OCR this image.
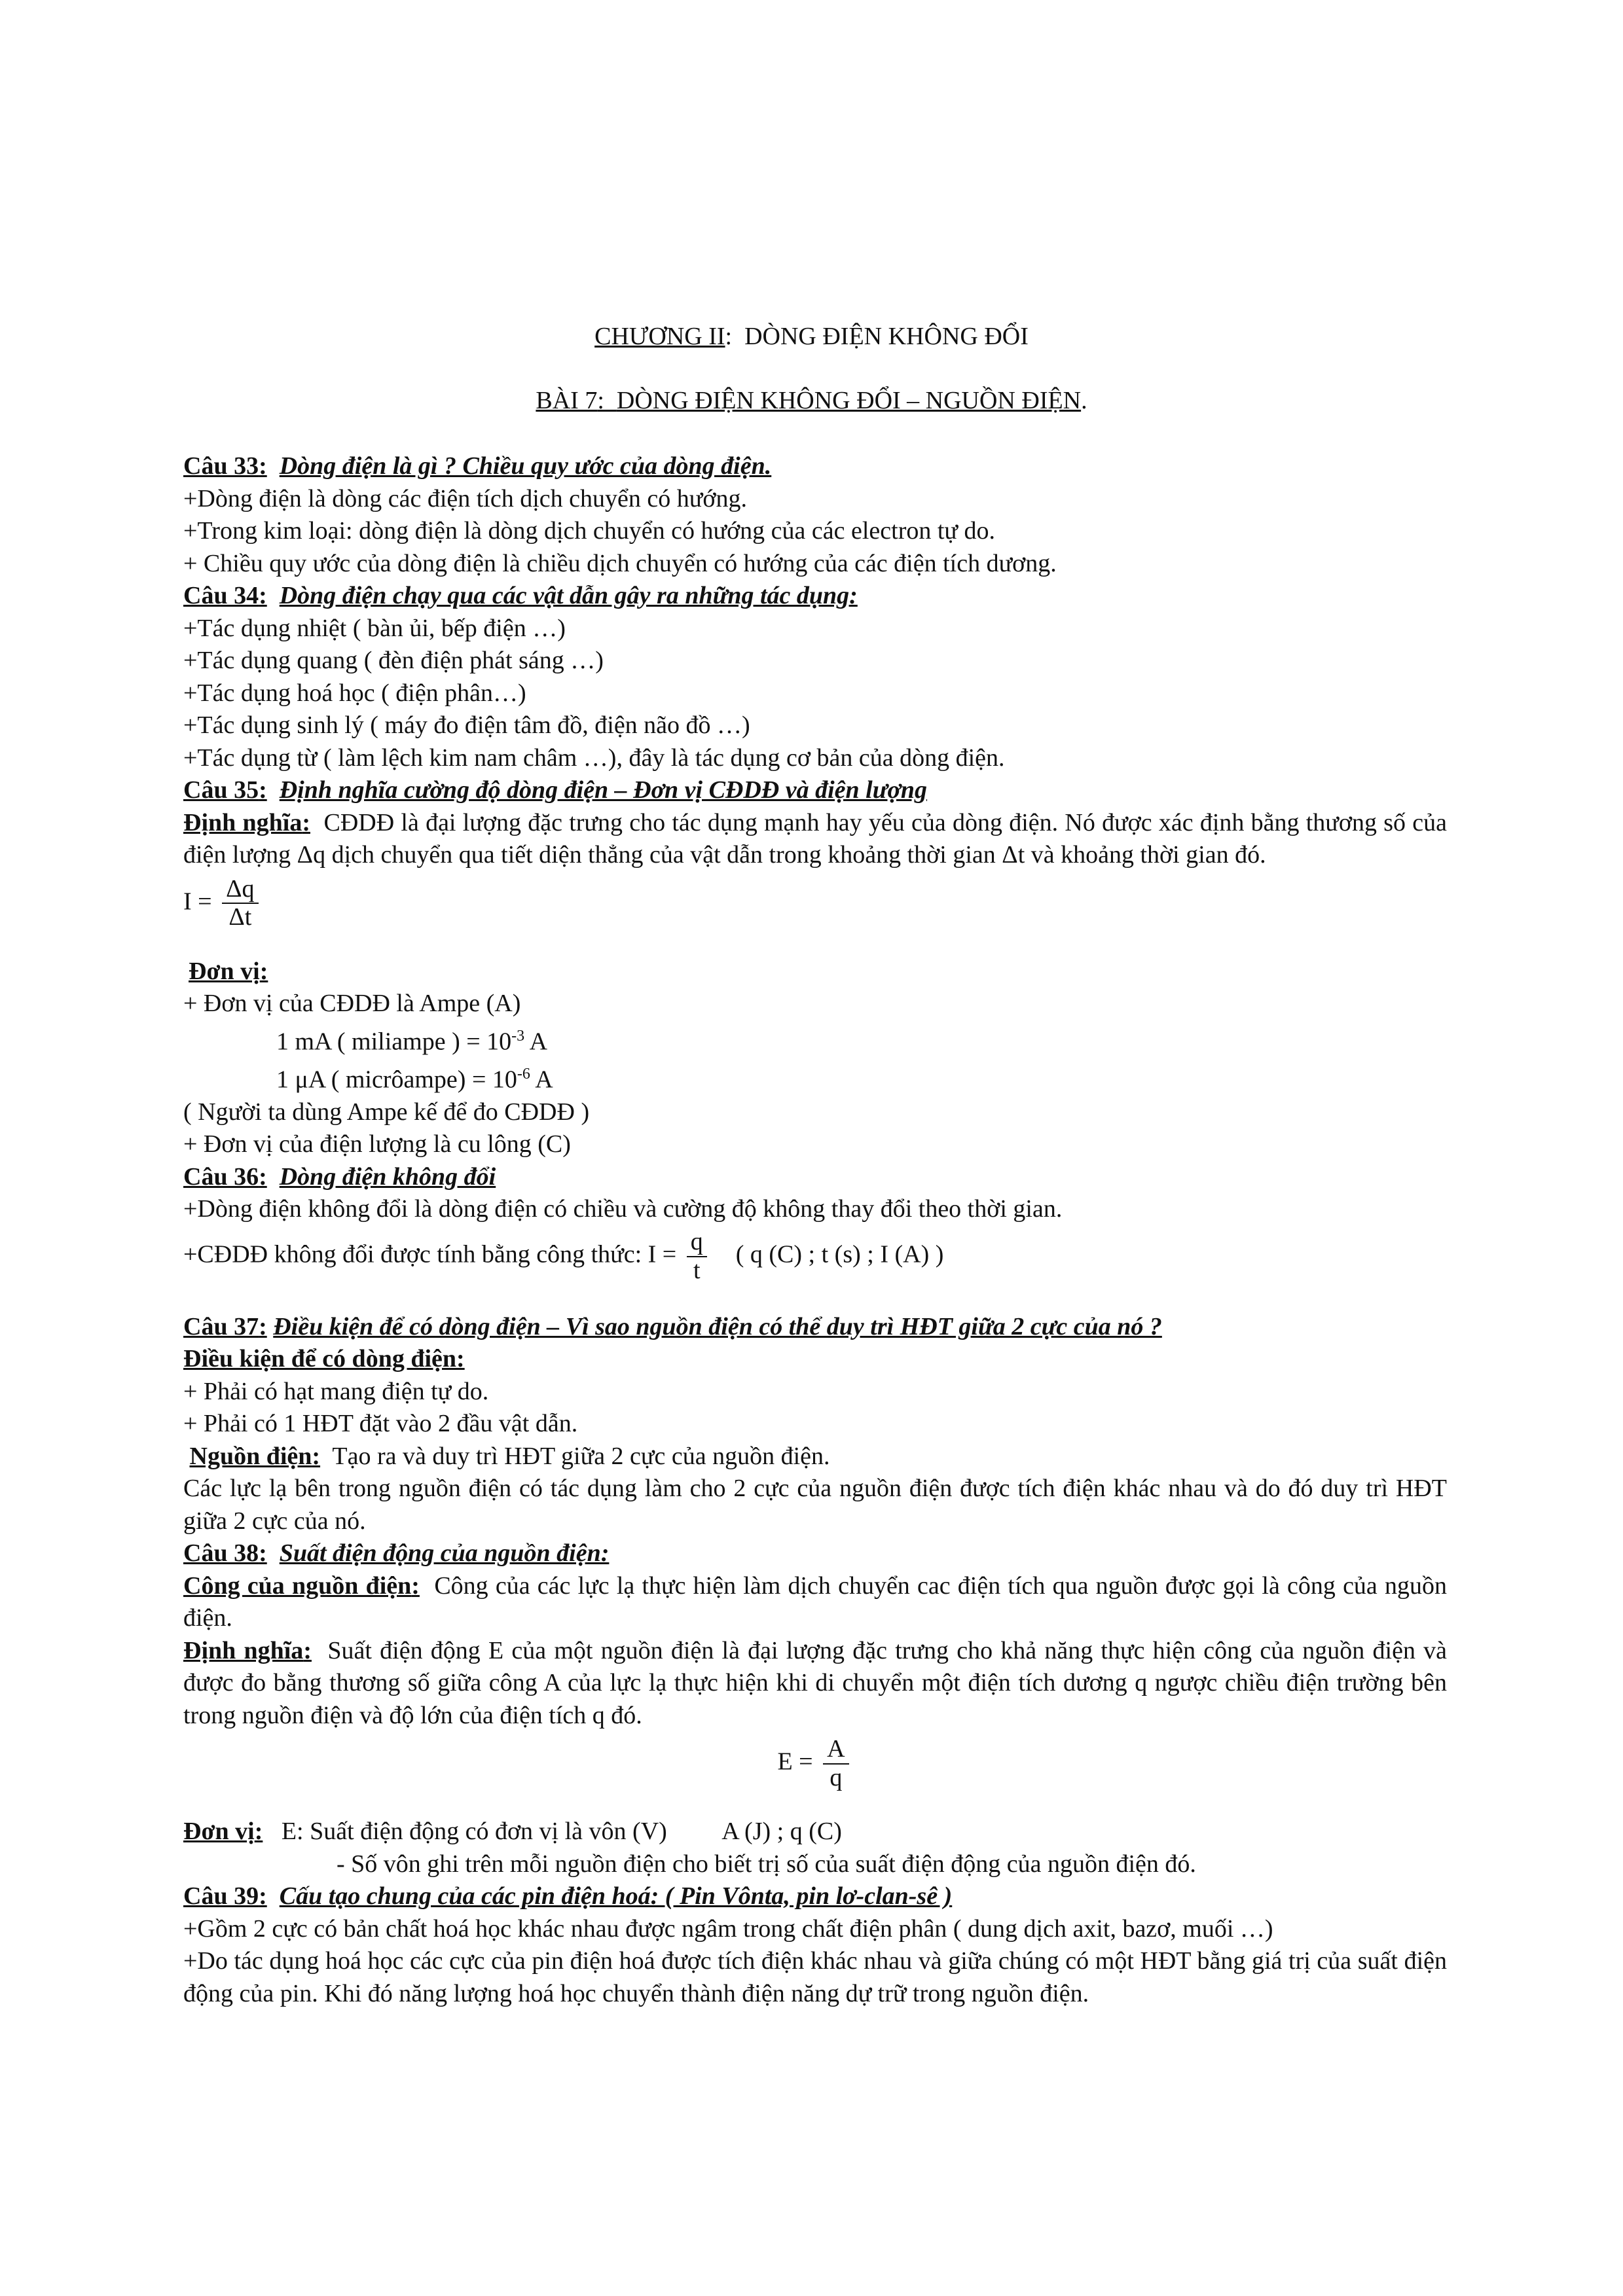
CHƯƠNG II:  DÒNG ĐIỆN KHÔNG ĐỔI
BÀI 7:  DÒNG ĐIỆN KHÔNG ĐỔI – NGUỒN ĐIỆN.
Câu 33: Dòng điện là gì ? Chiều quy ước của dòng điện.
+Dòng điện là dòng các điện tích dịch chuyển có hướng.
+Trong kim loại: dòng điện là dòng dịch chuyển có hướng của các electron tự do.
+ Chiều quy ước của dòng điện là chiều dịch chuyển có hướng của các điện tích dương.
Câu 34: Dòng điện chạy qua các vật dẫn gây ra những tác dụng:
+Tác dụng nhiệt ( bàn ủi, bếp điện …)
+Tác dụng quang ( đèn điện phát sáng …)
+Tác dụng hoá học ( điện phân…)
+Tác dụng sinh lý ( máy đo điện tâm đồ, điện não đồ …)
+Tác dụng từ ( làm lệch kim nam châm …), đây là tác dụng cơ bản của dòng điện.
Câu 35: Định nghĩa cường độ dòng điện – Đơn vị CĐDĐ và điện lượng
Định nghĩa: CĐDĐ là đại lượng đặc trưng cho tác dụng mạnh hay yếu của dòng điện. Nó được xác định bằng thương số của điện lượng Δq dịch chuyển qua tiết diện thẳng của vật dẫn trong khoảng thời gian Δt và khoảng thời gian đó.
$I = \frac{\Delta q}{\Delta t}$
Đơn vị:
+ Đơn vị của CĐDĐ là Ampe (A)
1 mA ( miliampe ) = $10^{-3}$ A
1 μA ( micrôampe) = $10^{-6}$ A
( Người ta dùng Ampe kế để đo CĐDĐ )
+ Đơn vị của điện lượng là cu lông (C)
Câu 36: Dòng điện không đổi
+Dòng điện không đổi là dòng điện có chiều và cường độ không thay đổi theo thời gian.
+CĐDĐ không đổi được tính bằng công thức: $I = \frac{q}{t}$ ( q (C) ; t (s) ; I (A) )
Câu 37: Điều kiện để có dòng điện – Vì sao nguồn điện có thể duy trì HĐT giữa 2 cực của nó ?
Điều kiện để có dòng điện:
+ Phải có hạt mang điện tự do.
+ Phải có 1 HĐT đặt vào 2 đầu vật dẫn.
Nguồn điện: Tạo ra và duy trì HĐT giữa 2 cực của nguồn điện.
Các lực lạ bên trong nguồn điện có tác dụng làm cho 2 cực của nguồn điện được tích điện khác nhau và do đó duy trì HĐT giữa 2 cực của nó.
Câu 38: Suất điện động của nguồn điện:
Công của nguồn điện: Công của các lực lạ thực hiện làm dịch chuyển cac điện tích qua nguồn được gọi là công của nguồn điện.
Định nghĩa: Suất điện động E của một nguồn điện là đại lượng đặc trưng cho khả năng thực hiện công của nguồn điện và được đo bằng thương số giữa công A của lực lạ thực hiện khi di chuyển một điện tích dương q ngược chiều điện trường bên trong nguồn điện và độ lớn của điện tích q đó.
$E = \frac{A}{q}$
Đơn vị: E: Suất điện động có đơn vị là vôn (V) A (J) ; q (C)
- Số vôn ghi trên mỗi nguồn điện cho biết trị số của suất điện động của nguồn điện đó.
Câu 39: Cấu tạo chung của các pin điện hoá: ( Pin Vônta, pin lơ-clan-sê )
+Gồm 2 cực có bản chất hoá học khác nhau được ngâm trong chất điện phân ( dung dịch axit, bazơ, muối …)
+Do tác dụng hoá học các cực của pin điện hoá được tích điện khác nhau và giữa chúng có một HĐT bằng giá trị của suất điện động của pin. Khi đó năng lượng hoá học chuyển thành điện năng dự trữ trong nguồn điện.
